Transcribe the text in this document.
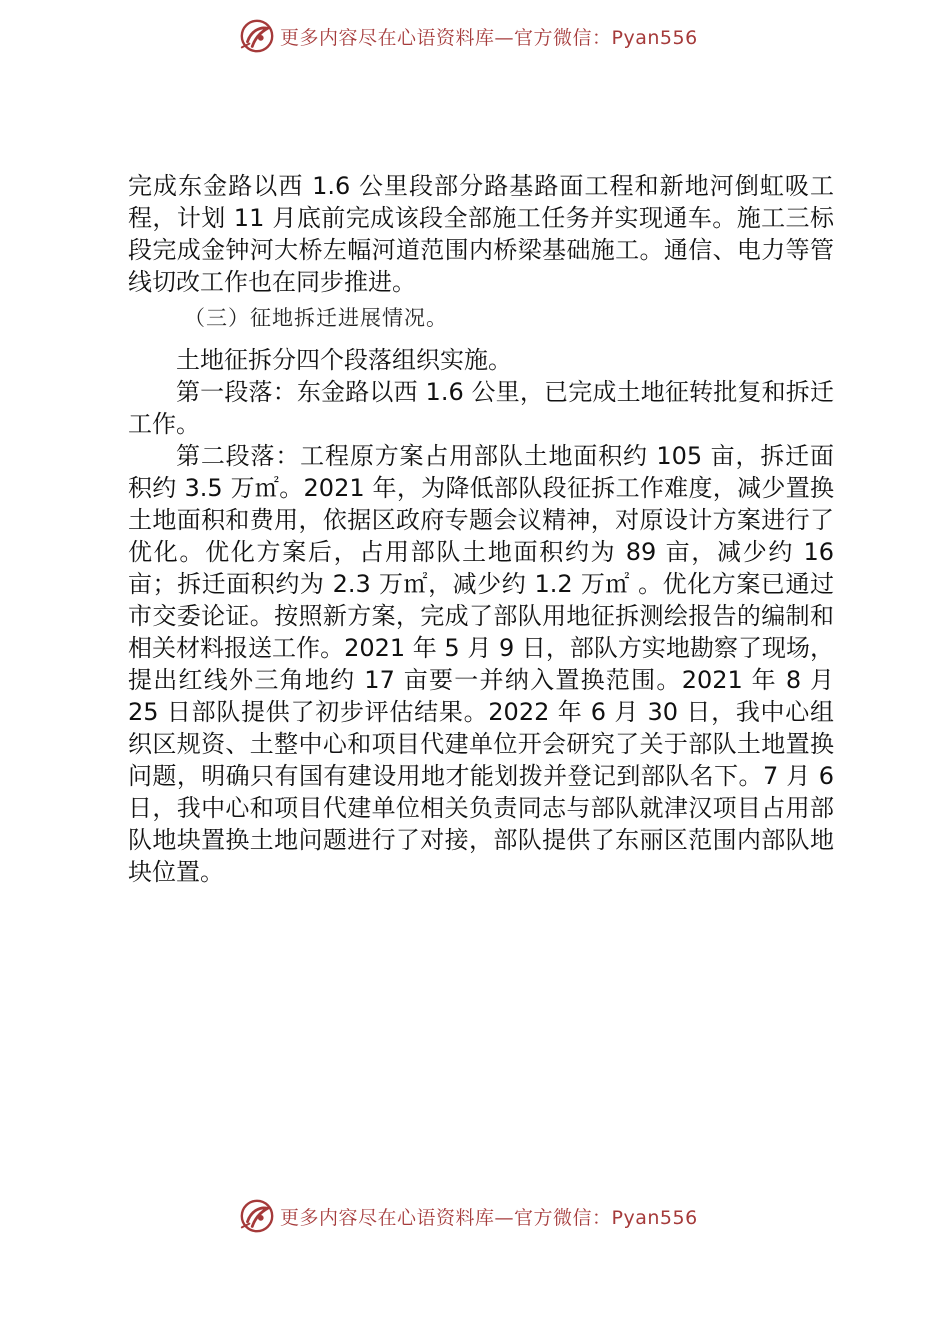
更多内容尽在心语资料库—官方微信：Pyan556

完成东金路以西 1.6 公里段部分路基路面工程和新地河倒虹吸工程，计划 11 月底前完成该段全部施工任务并实现通车。施工三标段完成金钟河大桥左幅河道范围内桥梁基础施工。通信、电力等管线切改工作也在同步推进。

（三）征地拆迁进展情况。

土地征拆分四个段落组织实施。

第一段落：东金路以西 1.6 公里，已完成土地征转批复和拆迁工作。

第二段落：工程原方案占用部队土地面积约 105 亩，拆迁面积约 3.5 万㎡。2021 年，为降低部队段征拆工作难度，减少置换土地面积和费用，依据区政府专题会议精神，对原设计方案进行了优化。优化方案后，占用部队土地面积约为 89 亩，减少约 16 亩；拆迁面积约为 2.3 万㎡，减少约 1.2 万㎡ 。优化方案已通过市交委论证。按照新方案，完成了部队用地征拆测绘报告的编制和相关材料报送工作。2021 年 5 月 9 日，部队方实地勘察了现场，提出红线外三角地约 17 亩要一并纳入置换范围。2021 年 8 月 25 日部队提供了初步评估结果。2022 年 6 月 30 日，我中心组织区规资、土整中心和项目代建单位开会研究了关于部队土地置换问题，明确只有国有建设用地才能划拨并登记到部队名下。7 月 6 日，我中心和项目代建单位相关负责同志与部队就津汉项目占用部队地块置换土地问题进行了对接，部队提供了东丽区范围内部队地块位置。

更多内容尽在心语资料库—官方微信：Pyan556
